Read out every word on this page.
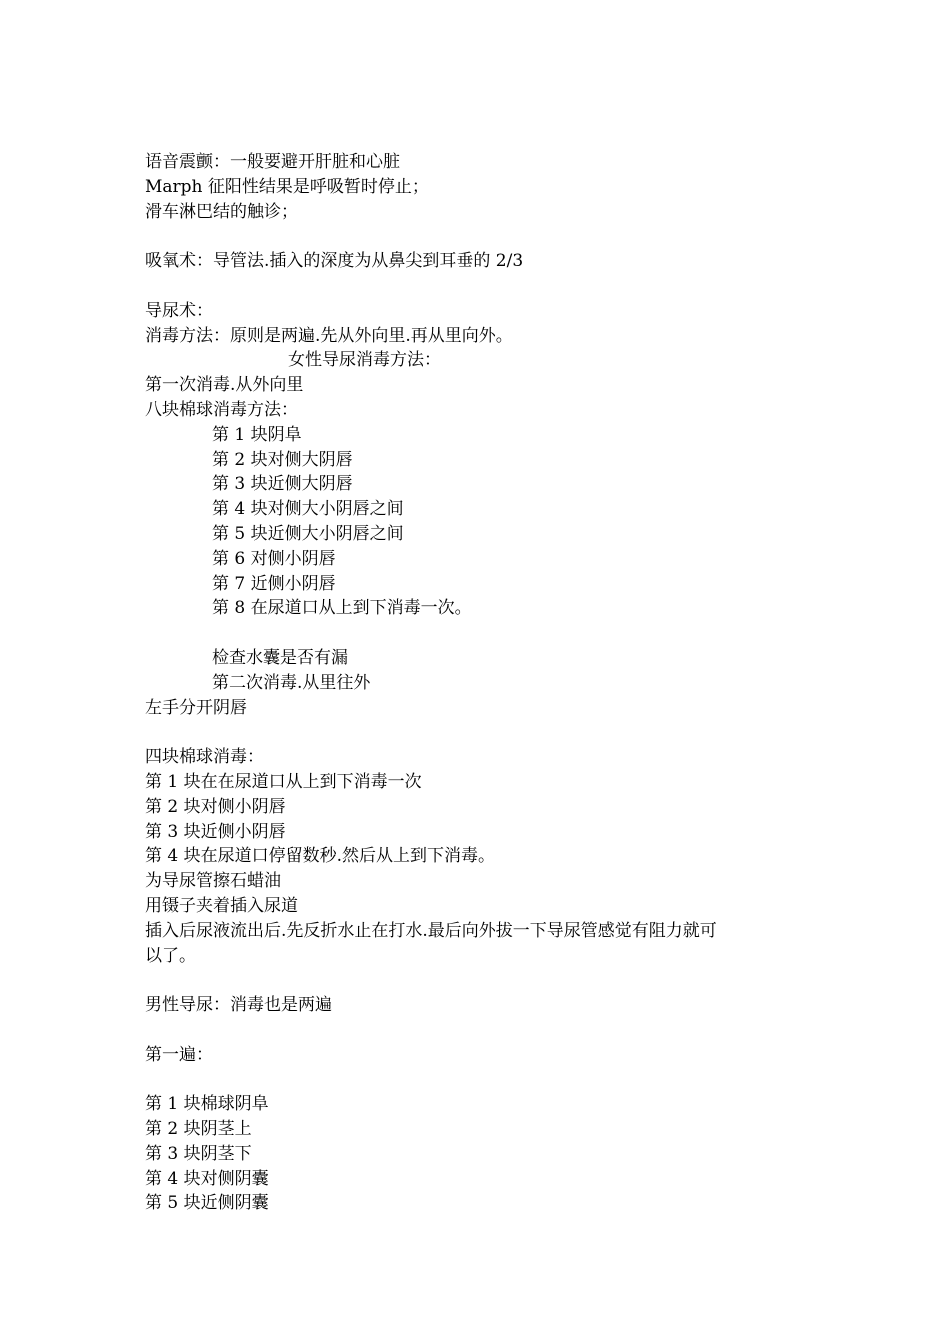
语音震颤：一般要避开肝脏和心脏
Marph 征阳性结果是呼吸暂时停止；
滑车淋巴结的触诊；
吸氧术：导管法.插入的深度为从鼻尖到耳垂的 2/3
导尿术：
消毒方法：原则是两遍.先从外向里.再从里向外。
女性导尿消毒方法：
第一次消毒.从外向里
八块棉球消毒方法：
第 1 块阴阜
第 2 块对侧大阴唇
第 3 块近侧大阴唇
第 4 块对侧大小阴唇之间
第 5 块近侧大小阴唇之间
第 6 对侧小阴唇
第 7 近侧小阴唇
第 8 在尿道口从上到下消毒一次。
检查水囊是否有漏
第二次消毒.从里往外
左手分开阴唇
四块棉球消毒：
第 1 块在在尿道口从上到下消毒一次
第 2 块对侧小阴唇
第 3 块近侧小阴唇
第 4 块在尿道口停留数秒.然后从上到下消毒。
为导尿管擦石蜡油
用镊子夹着插入尿道
插入后尿液流出后.先反折水止在打水.最后向外拔一下导尿管感觉有阻力就可
以了。
男性导尿：消毒也是两遍
第一遍：
第 1 块棉球阴阜
第 2 块阴茎上
第 3 块阴茎下
第 4 块对侧阴囊
第 5 块近侧阴囊
